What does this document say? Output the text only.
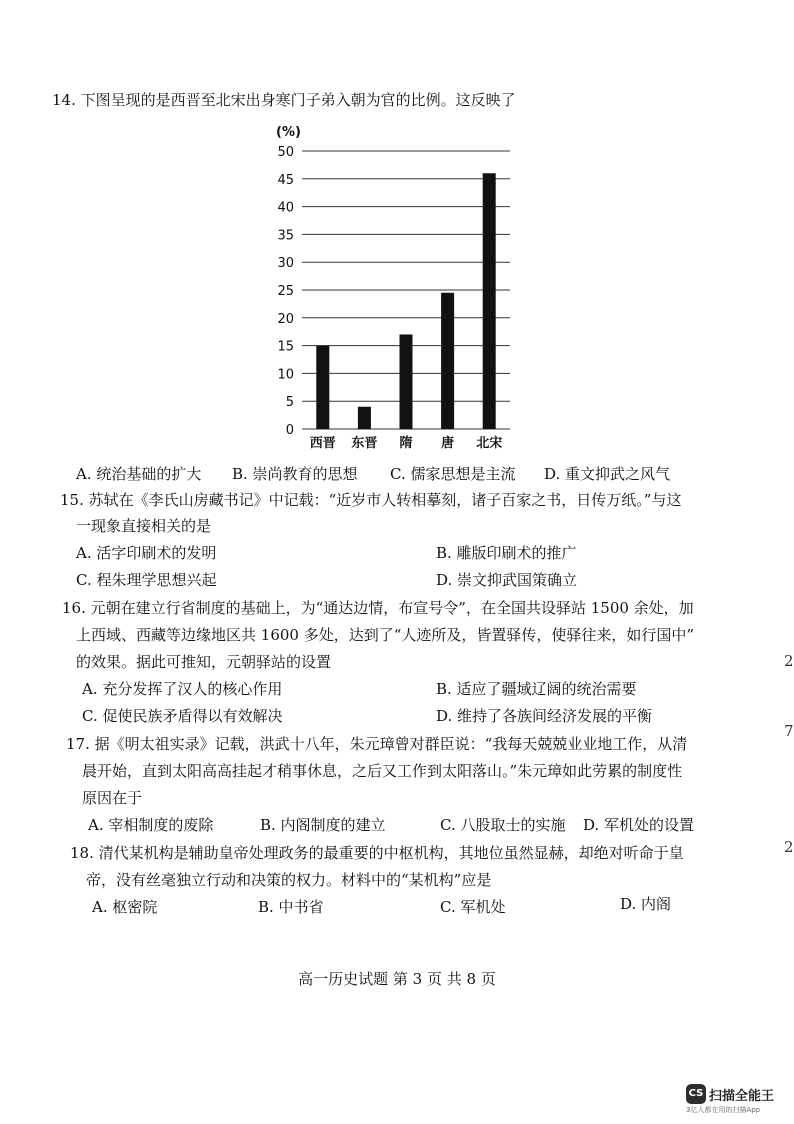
14. 下图呈现的是西晋至北宋出身寒门子弟入朝为官的比例。这反映了
0
5
10
15
20
25
30
35
40
45
50
西晋 东晋 隋 唐 北宋
(%)
A. 统治基础的扩大 B. 崇尚教育的思想 C. 儒家思想是主流 D. 重文抑武之风气
15. 苏轼在《李氏山房藏书记》中记载：“近岁市人转相摹刻，诸子百家之书，日传万纸。”与这
一现象直接相关的是
A. 活字印刷术的发明	B. 雕版印刷术的推广
C. 程朱理学思想兴起	D. 崇文抑武国策确立
16. 元朝在建立行省制度的基础上，为“通达边情，布宣号令”，在全国共设驿站 1500 余处，加
上西域、西藏等边缘地区共 1600 多处，达到了“人迹所及，皆置驿传，使驿往来，如行国中”
的效果。据此可推知，元朝驿站的设置
A. 充分发挥了汉人的核心作用	B. 适应了疆域辽阔的统治需要
C. 促使民族矛盾得以有效解决	D. 维持了各族间经济发展的平衡
17. 据《明太祖实录》记载，洪武十八年，朱元璋曾对群臣说：“我每天兢兢业业地工作，从清
晨开始，直到太阳高高挂起才稍事休息，之后又工作到太阳落山。”朱元璋如此劳累的制度性
原因在于
A. 宰相制度的废除	B. 内阁制度的建立	C. 八股取士的实施 D. 军机处的设置
18. 清代某机构是辅助皇帝处理政务的最重要的中枢机构，其地位虽然显赫，却绝对听命于皇
帝，没有丝毫独立行动和决策的权力。材料中的“某机构”应是
A. 枢密院	B. 中书省	C. 军机处	D. 内阁
高一历史试题 第 3 页 共 8 页
2
7
2
CS 扫描全能王
3亿人都在用的扫描App
